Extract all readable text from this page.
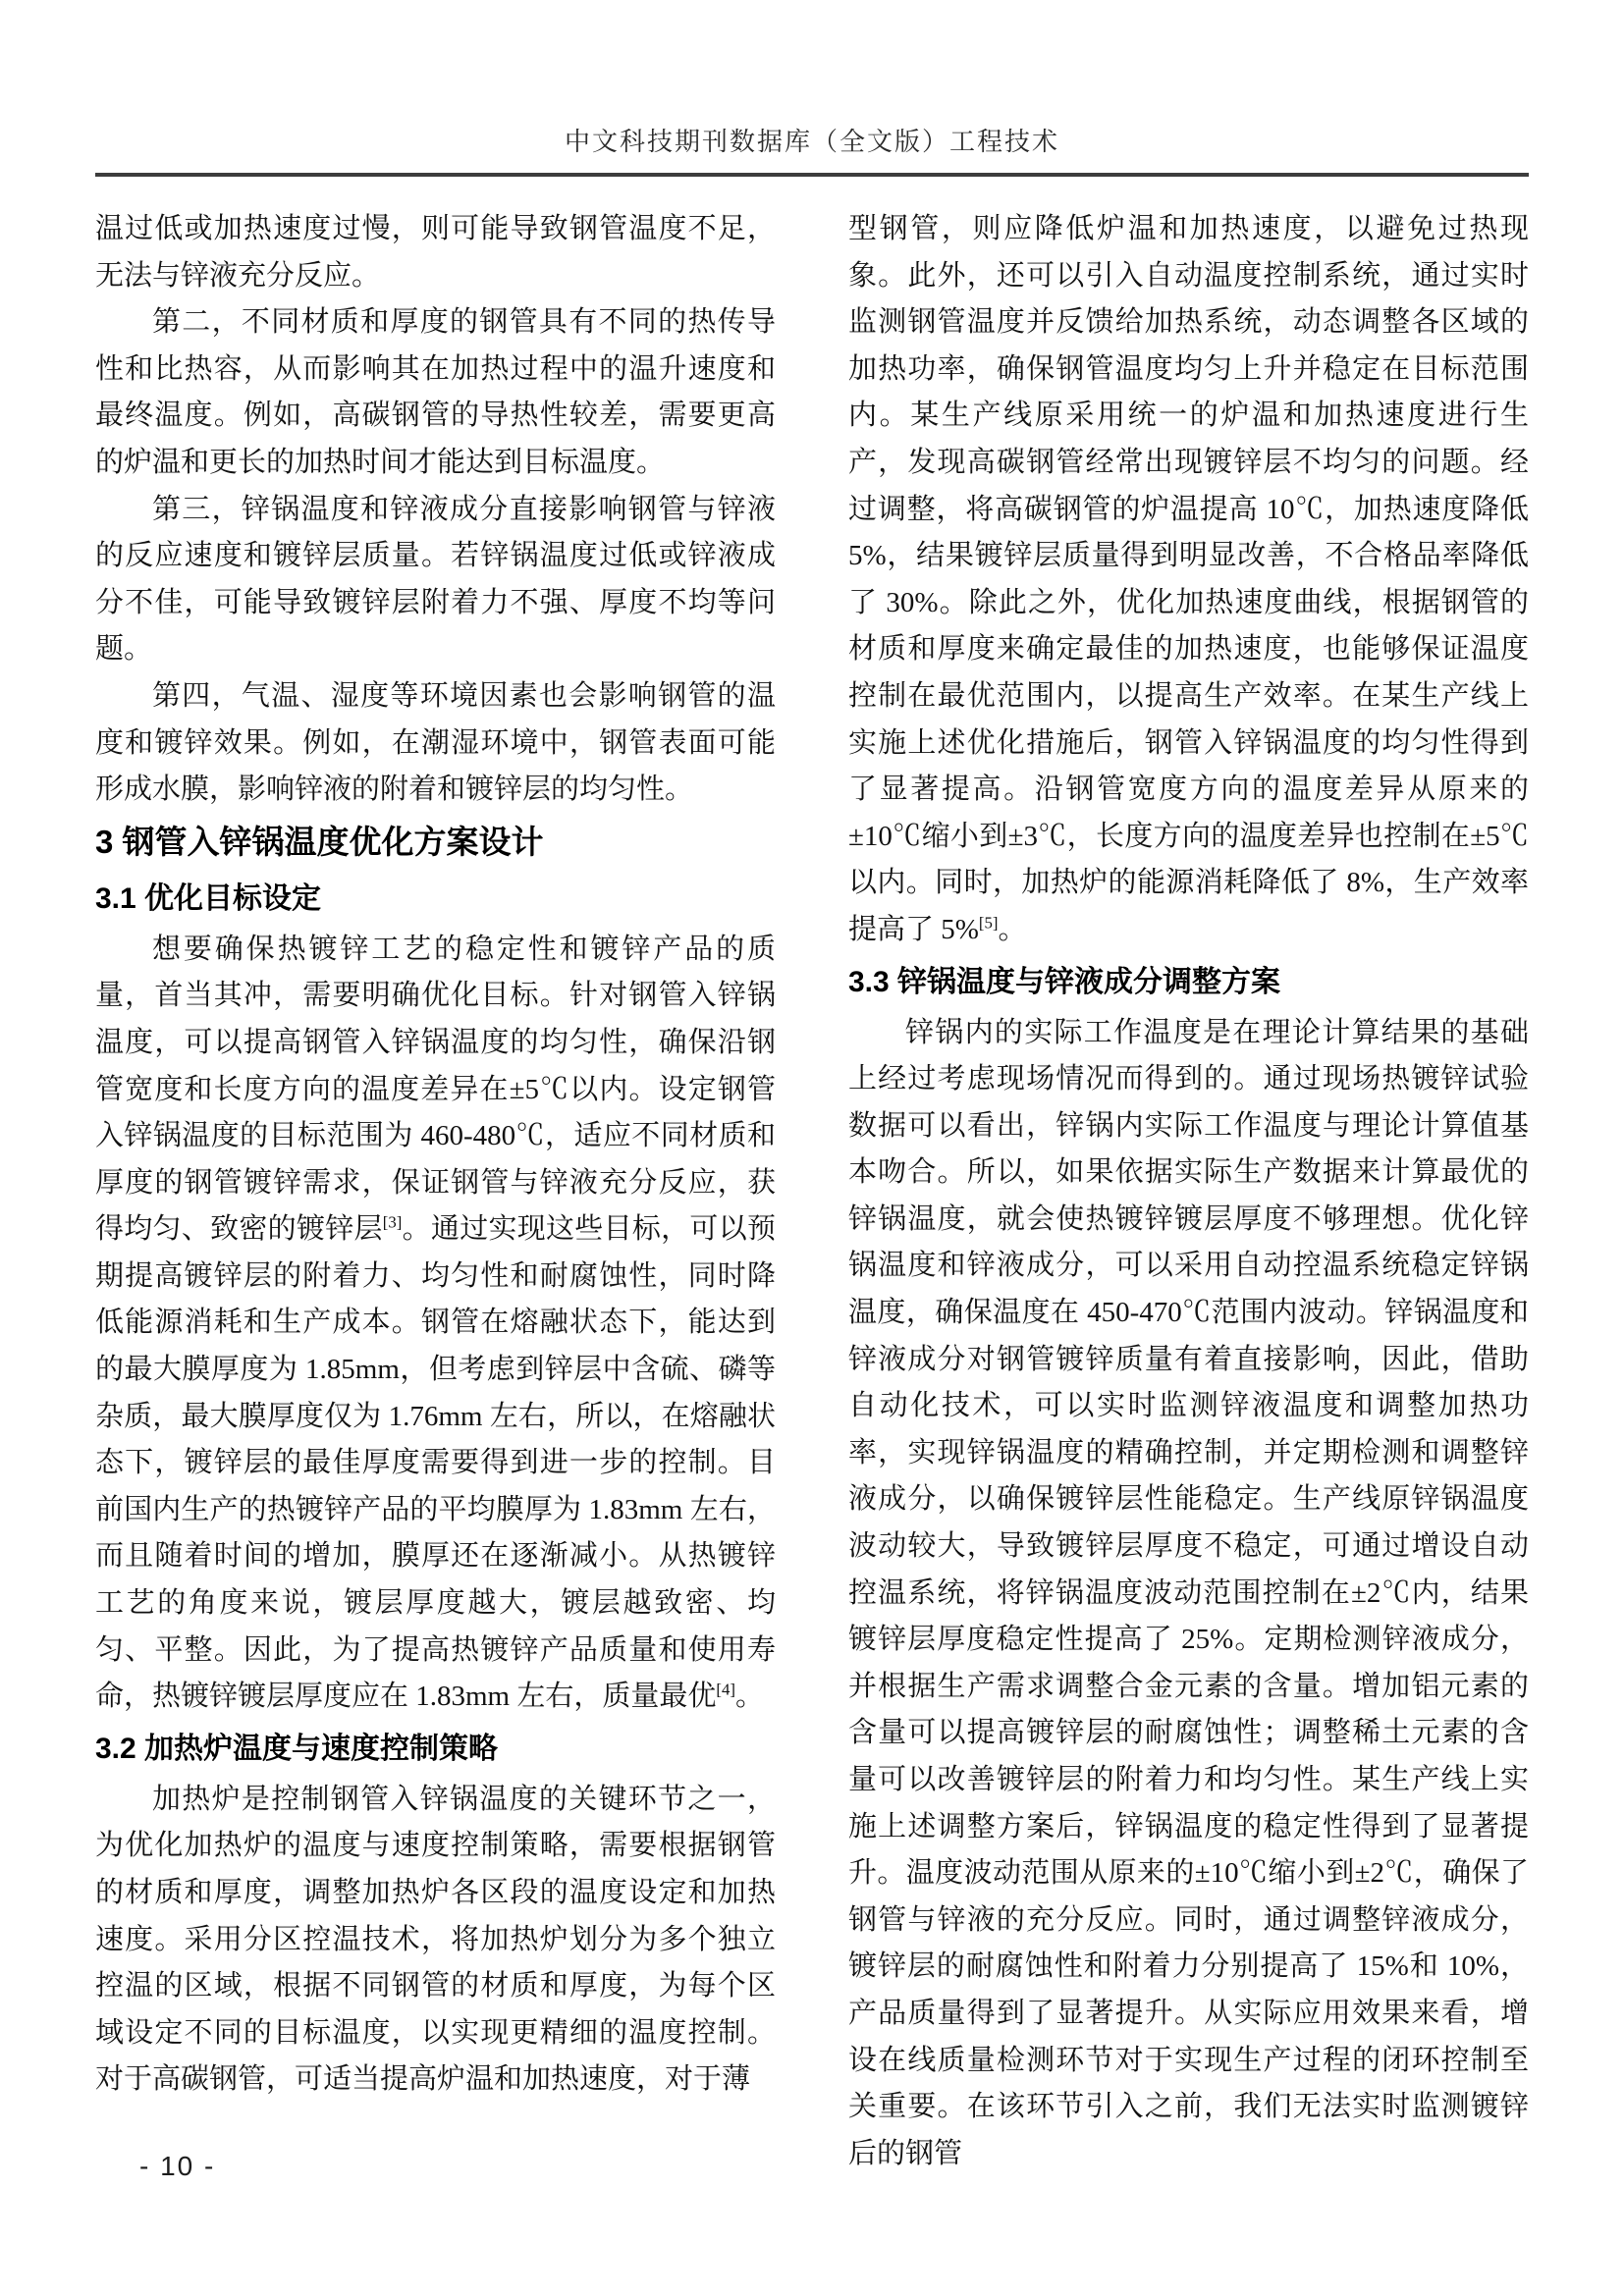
中文科技期刊数据库（全文版）工程技术

温过低或加热速度过慢，则可能导致钢管温度不足，无法与锌液充分反应。

第二，不同材质和厚度的钢管具有不同的热传导性和比热容，从而影响其在加热过程中的温升速度和最终温度。例如，高碳钢管的导热性较差，需要更高的炉温和更长的加热时间才能达到目标温度。

第三，锌锅温度和锌液成分直接影响钢管与锌液的反应速度和镀锌层质量。若锌锅温度过低或锌液成分不佳，可能导致镀锌层附着力不强、厚度不均等问题。

第四，气温、湿度等环境因素也会影响钢管的温度和镀锌效果。例如，在潮湿环境中，钢管表面可能形成水膜，影响锌液的附着和镀锌层的均匀性。

3 钢管入锌锅温度优化方案设计
3.1 优化目标设定

想要确保热镀锌工艺的稳定性和镀锌产品的质量，首当其冲，需要明确优化目标。针对钢管入锌锅温度，可以提高钢管入锌锅温度的均匀性，确保沿钢管宽度和长度方向的温度差异在±5℃以内。设定钢管入锌锅温度的目标范围为 460-480℃，适应不同材质和厚度的钢管镀锌需求，保证钢管与锌液充分反应，获得均匀、致密的镀锌层[3]。通过实现这些目标，可以预期提高镀锌层的附着力、均匀性和耐腐蚀性，同时降低能源消耗和生产成本。钢管在熔融状态下，能达到的最大膜厚度为 1.85mm，但考虑到锌层中含硫、磷等杂质，最大膜厚度仅为 1.76mm 左右，所以，在熔融状态下，镀锌层的最佳厚度需要得到进一步的控制。目前国内生产的热镀锌产品的平均膜厚为 1.83mm 左右，而且随着时间的增加，膜厚还在逐渐减小。从热镀锌工艺的角度来说，镀层厚度越大，镀层越致密、均匀、平整。因此，为了提高热镀锌产品质量和使用寿命，热镀锌镀层厚度应在 1.83mm 左右，质量最优[4]。

3.2 加热炉温度与速度控制策略

加热炉是控制钢管入锌锅温度的关键环节之一，为优化加热炉的温度与速度控制策略，需要根据钢管的材质和厚度，调整加热炉各区段的温度设定和加热速度。采用分区控温技术，将加热炉划分为多个独立控温的区域，根据不同钢管的材质和厚度，为每个区域设定不同的目标温度，以实现更精细的温度控制。对于高碳钢管，可适当提高炉温和加热速度，对于薄

型钢管，则应降低炉温和加热速度，以避免过热现象。此外，还可以引入自动温度控制系统，通过实时监测钢管温度并反馈给加热系统，动态调整各区域的加热功率，确保钢管温度均匀上升并稳定在目标范围内。某生产线原采用统一的炉温和加热速度进行生产，发现高碳钢管经常出现镀锌层不均匀的问题。经过调整，将高碳钢管的炉温提高 10℃，加热速度降低 5%，结果镀锌层质量得到明显改善，不合格品率降低了 30%。除此之外，优化加热速度曲线，根据钢管的材质和厚度来确定最佳的加热速度，也能够保证温度控制在最优范围内，以提高生产效率。在某生产线上实施上述优化措施后，钢管入锌锅温度的均匀性得到了显著提高。沿钢管宽度方向的温度差异从原来的±10℃缩小到±3℃，长度方向的温度差异也控制在±5℃以内。同时，加热炉的能源消耗降低了 8%，生产效率提高了 5%[5]。

3.3 锌锅温度与锌液成分调整方案

锌锅内的实际工作温度是在理论计算结果的基础上经过考虑现场情况而得到的。通过现场热镀锌试验数据可以看出，锌锅内实际工作温度与理论计算值基本吻合。所以，如果依据实际生产数据来计算最优的锌锅温度，就会使热镀锌镀层厚度不够理想。优化锌锅温度和锌液成分，可以采用自动控温系统稳定锌锅温度，确保温度在 450-470℃范围内波动。锌锅温度和锌液成分对钢管镀锌质量有着直接影响，因此，借助自动化技术，可以实时监测锌液温度和调整加热功率，实现锌锅温度的精确控制，并定期检测和调整锌液成分，以确保镀锌层性能稳定。生产线原锌锅温度波动较大，导致镀锌层厚度不稳定，可通过增设自动控温系统，将锌锅温度波动范围控制在±2℃内，结果镀锌层厚度稳定性提高了 25%。定期检测锌液成分，并根据生产需求调整合金元素的含量。增加铝元素的含量可以提高镀锌层的耐腐蚀性；调整稀土元素的含量可以改善镀锌层的附着力和均匀性。某生产线上实施上述调整方案后，锌锅温度的稳定性得到了显著提升。温度波动范围从原来的±10℃缩小到±2℃，确保了钢管与锌液的充分反应。同时，通过调整锌液成分，镀锌层的耐腐蚀性和附着力分别提高了 15%和 10%，产品质量得到了显著提升。从实际应用效果来看，增设在线质量检测环节对于实现生产过程的闭环控制至关重要。在该环节引入之前，我们无法实时监测镀锌后的钢管

- 10 -
